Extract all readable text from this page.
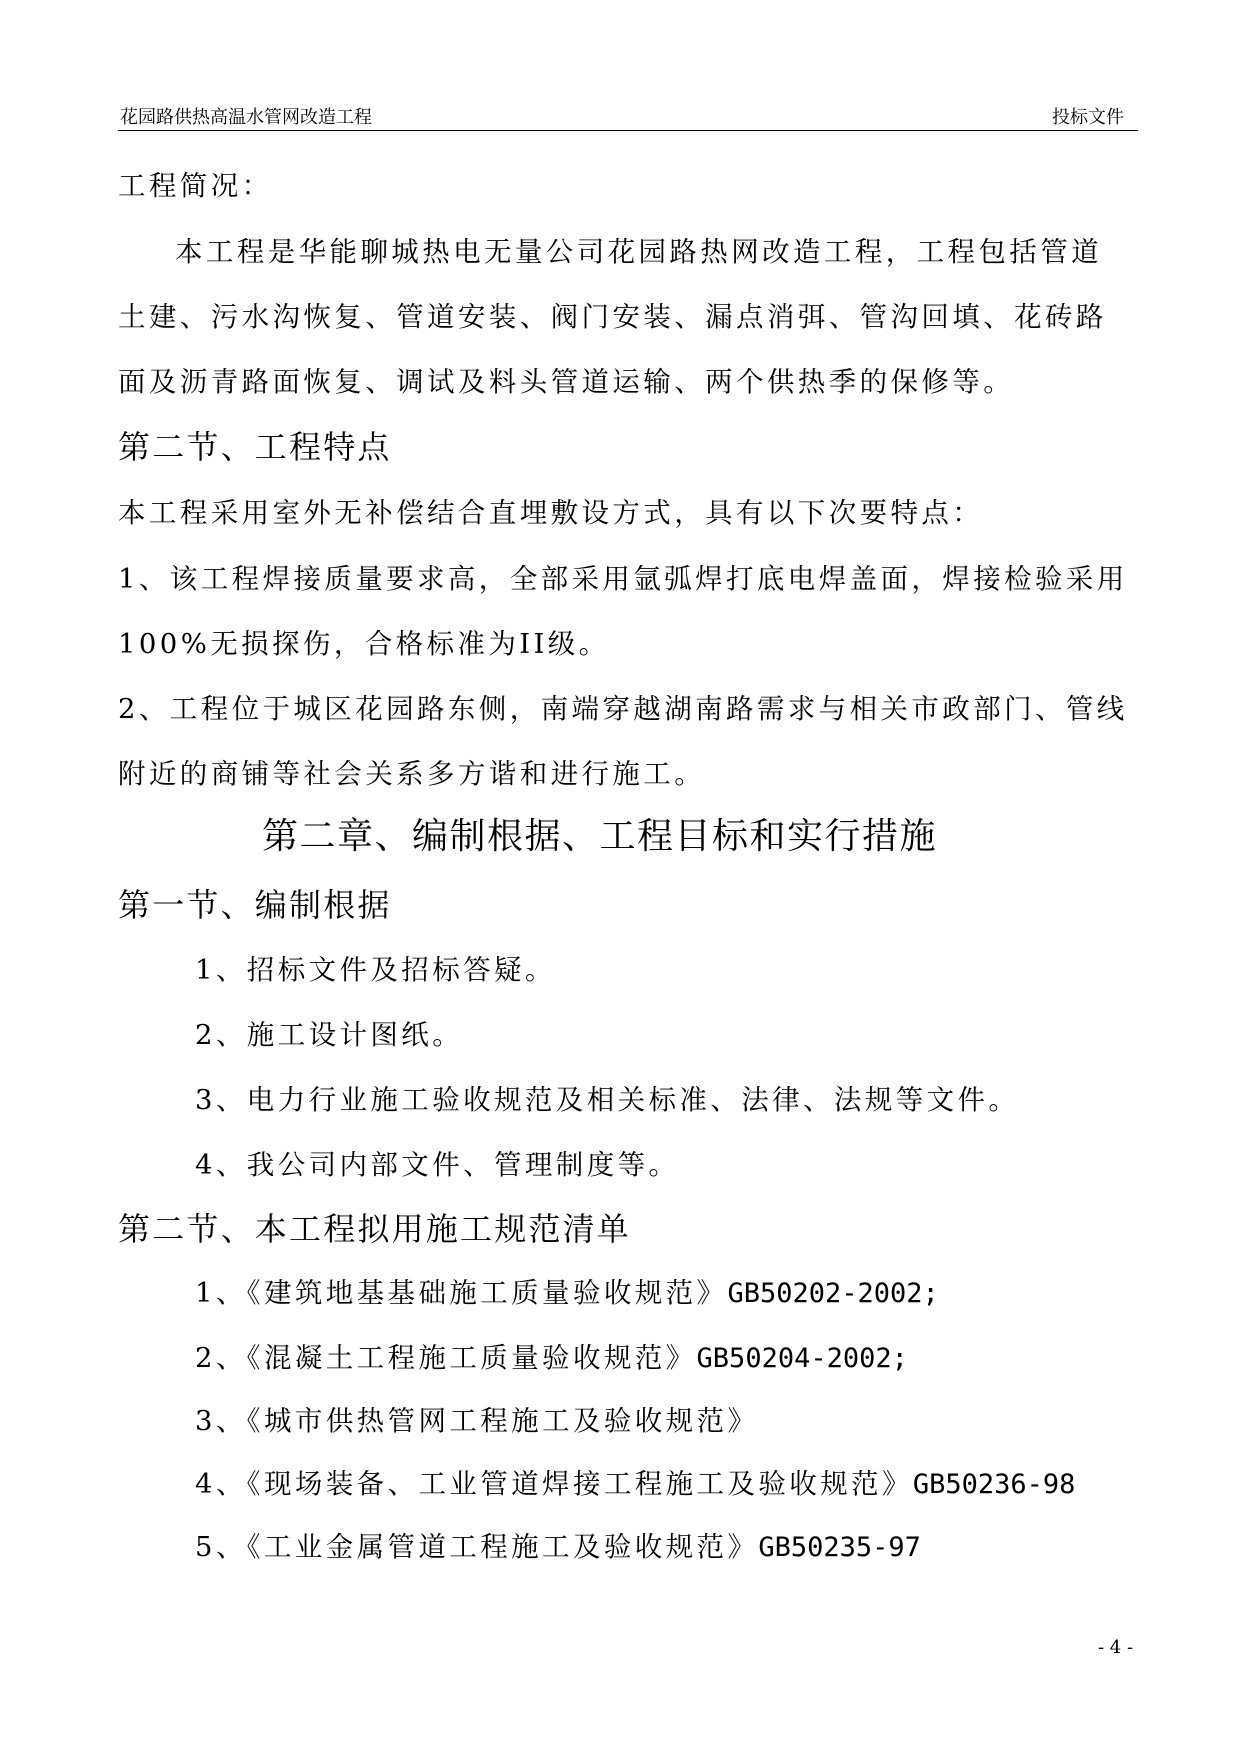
花园路供热高温水管网改造工程	投标文件
工程简况：
本工程是华能聊城热电无量公司花园路热网改造工程，工程包括管道
土建、污水沟恢复、管道安装、阀门安装、漏点消弭、管沟回填、花砖路
面及沥青路面恢复、调试及料头管道运输、两个供热季的保修等。
第二节、工程特点
本工程采用室外无补偿结合直埋敷设方式，具有以下次要特点：
1、该工程焊接质量要求高，全部采用氩弧焊打底电焊盖面，焊接检验采用
100%无损探伤，合格标准为II级。
2、工程位于城区花园路东侧，南端穿越湖南路需求与相关市政部门、管线
附近的商铺等社会关系多方谐和进行施工。
第二章、编制根据、工程目标和实行措施
第一节、编制根据
1、招标文件及招标答疑。
2、施工设计图纸。
3、电力行业施工验收规范及相关标准、法律、法规等文件。
4、我公司内部文件、管理制度等。
第二节、本工程拟用施工规范清单
1、《建筑地基基础施工质量验收规范》GB50202-2002;
2、《混凝土工程施工质量验收规范》GB50204-2002;
3、《城市供热管网工程施工及验收规范》
4、《现场装备、工业管道焊接工程施工及验收规范》GB50236-98
5、《工业金属管道工程施工及验收规范》GB50235-97
- 4 -
